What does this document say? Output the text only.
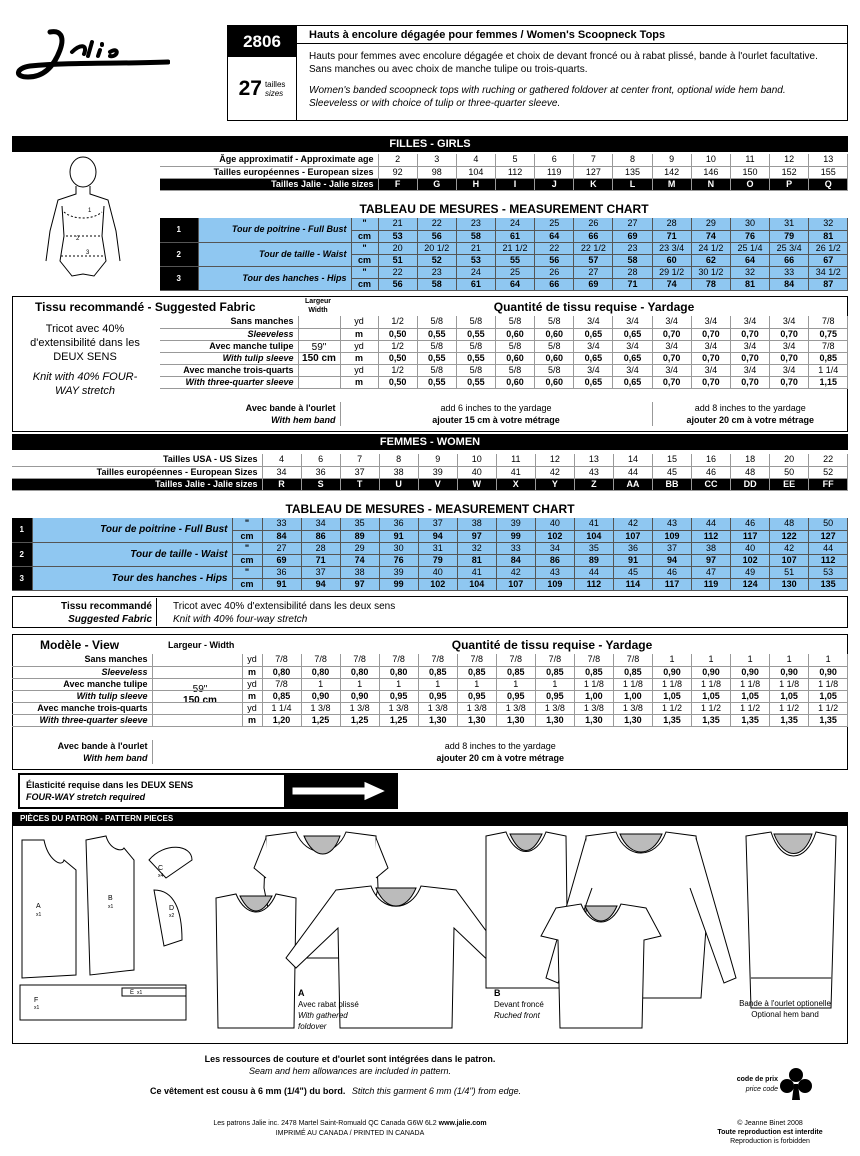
2806
27 tailles
sizes
Hauts à encolure dégagée pour femmes / Women's Scoopneck Tops
Hauts pour femmes avec encolure dégagée et choix de devant froncé ou à rabat plissé, bande à l'ourlet facultative. Sans manches ou avec choix de manche tulipe ou trois-quarts.
Women's banded scoopneck tops with ruching or gathered foldover at center front, optional wide hem band. Sleeveless or with choice of tulip or three-quarter sleeve.
FILLES - GIRLS
1
2
3
Âge approximatif - Approximate age	2	3	4	5	6	7	8	9	10	11	12	13
Tailles européennes - European sizes	92	98	104	112	119	127	135	142	146	150	152	155
Tailles Jalie - Jalie sizes	F	G	H	I	J	K	L	M	N	O	P	Q
TABLEAU DE MESURES - MEASUREMENT CHART
1	Tour de poitrine - Full Bust	"	21	22	23	24	25	26	27	28	29	30	31	32
		cm	53	56	58	61	64	66	69	71	74	76	79	81
2	Tour de taille - Waist	"	20	20 1/2	21	21 1/2	22	22 1/2	23	23 3/4	24 1/2	25 1/4	25 3/4	26 1/2
		cm	51	52	53	55	56	57	58	60	62	64	66	67
3	Tour des hanches - Hips	"	22	23	24	25	26	27	28	29 1/2	30 1/2	32	33	34 1/2
		cm	56	58	61	64	66	69	71	74	78	81	84	87
Tissu recommandé - Suggested Fabric	Largeur Width	Quantité de tissu requise - Yardage
Tricot avec 40% d'extensibilité dans les DEUX SENS
Knit with 40% FOUR-WAY stretch
59"
150 cm
Sans manches		yd	1/2	5/8	5/8	5/8	5/8	3/4	3/4	3/4	3/4	3/4	3/4	7/8
Sleeveless		m	0,50	0,55	0,55	0,60	0,60	0,65	0,65	0,70	0,70	0,70	0,70	0,75
Avec manche tulipe		yd	1/2	5/8	5/8	5/8	5/8	3/4	3/4	3/4	3/4	3/4	3/4	7/8
With tulip sleeve		m	0,50	0,55	0,55	0,60	0,60	0,65	0,65	0,70	0,70	0,70	0,70	0,85
Avec manche trois-quarts		yd	1/2	5/8	5/8	5/8	5/8	3/4	3/4	3/4	3/4	3/4	3/4	1 1/4
With three-quarter sleeve		m	0,50	0,55	0,55	0,60	0,60	0,65	0,65	0,70	0,70	0,70	0,70	1,15
Avec bande à l'ourlet	add 6 inches to the yardage	add 8 inches to the yardage
With hem band	ajouter 15 cm à votre métrage	ajouter 20 cm à votre métrage
FEMMES - WOMEN
Tailles USA - US Sizes	4	6	7	8	9	10	11	12	13	14	15	16	18	20	22
Tailles européennes - European Sizes	34	36	37	38	39	40	41	42	43	44	45	46	48	50	52
Tailles Jalie - Jalie sizes	R	S	T	U	V	W	X	Y	Z	AA	BB	CC	DD	EE	FF
TABLEAU DE MESURES - MEASUREMENT CHART
1	Tour de poitrine - Full Bust	"	33	34	35	36	37	38	39	40	41	42	43	44	46	48	50
		cm	84	86	89	91	94	97	99	102	104	107	109	112	117	122	127
2	Tour de taille - Waist	"	27	28	29	30	31	32	33	34	35	36	37	38	40	42	44
		cm	69	71	74	76	79	81	84	86	89	91	94	97	102	107	112
3	Tour des hanches - Hips	"	36	37	38	39	40	41	42	43	44	45	46	47	49	51	53
		cm	91	94	97	99	102	104	107	109	112	114	117	119	124	130	135
Tissu recommandé
Suggested Fabric
Tricot avec 40% d'extensibilité dans les deux sens
Knit with 40% four-way stretch
Modèle - View	Largeur - Width	Quantité de tissu requise - Yardage
59"
150 cm
Sans manches		yd	7/8	7/8	7/8	7/8	7/8	7/8	7/8	7/8	7/8	7/8	1	1	1	1	1
Sleeveless		m	0,80	0,80	0,80	0,80	0,85	0,85	0,85	0,85	0,85	0,85	0,90	0,90	0,90	0,90	0,90
Avec manche tulipe		yd	7/8	1	1	1	1	1	1	1	1 1/8	1 1/8	1 1/8	1 1/8	1 1/8	1 1/8	1 1/8
With tulip sleeve		m	0,85	0,90	0,90	0,95	0,95	0,95	0,95	0,95	1,00	1,00	1,05	1,05	1,05	1,05	1,05
Avec manche trois-quarts		yd	1 1/4	1 3/8	1 3/8	1 3/8	1 3/8	1 3/8	1 3/8	1 3/8	1 3/8	1 3/8	1 1/2	1 1/2	1 1/2	1 1/2	1 1/2
With three-quarter sleeve		m	1,20	1,25	1,25	1,25	1,30	1,30	1,30	1,30	1,30	1,30	1,35	1,35	1,35	1,35	1,35
Avec bande à l'ourlet	add 8 inches to the yardage
With hem band	ajouter 20 cm à votre métrage
Élasticité requise dans les DEUX SENS
FOUR-WAY stretch required
PIÈCES DU PATRON - PATTERN PIECES
A
x1
B
x1
C
x4
D
x2
E x1
F
x1
A
Avec rabat plissé
With gathered foldover
B
Devant froncé
Ruched front
Bande à l'ourlet optionelle
Optional hem band
Les ressources de couture et d'ourlet sont intégrées dans le patron.
Seam and hem allowances are included in pattern.
Ce vêtement est cousu à 6 mm (1/4") du bord. Stitch this garment 6 mm (1/4") from edge.
code de prix
price code
Les patrons Jalie inc. 2478 Martel Saint-Romuald QC Canada G6W 6L2 www.jalie.com
IMPRIMÉ AU CANADA / PRINTED IN CANADA
© Jeanne Binet 2008
Toute reproduction est interdite
Reproduction is forbidden
